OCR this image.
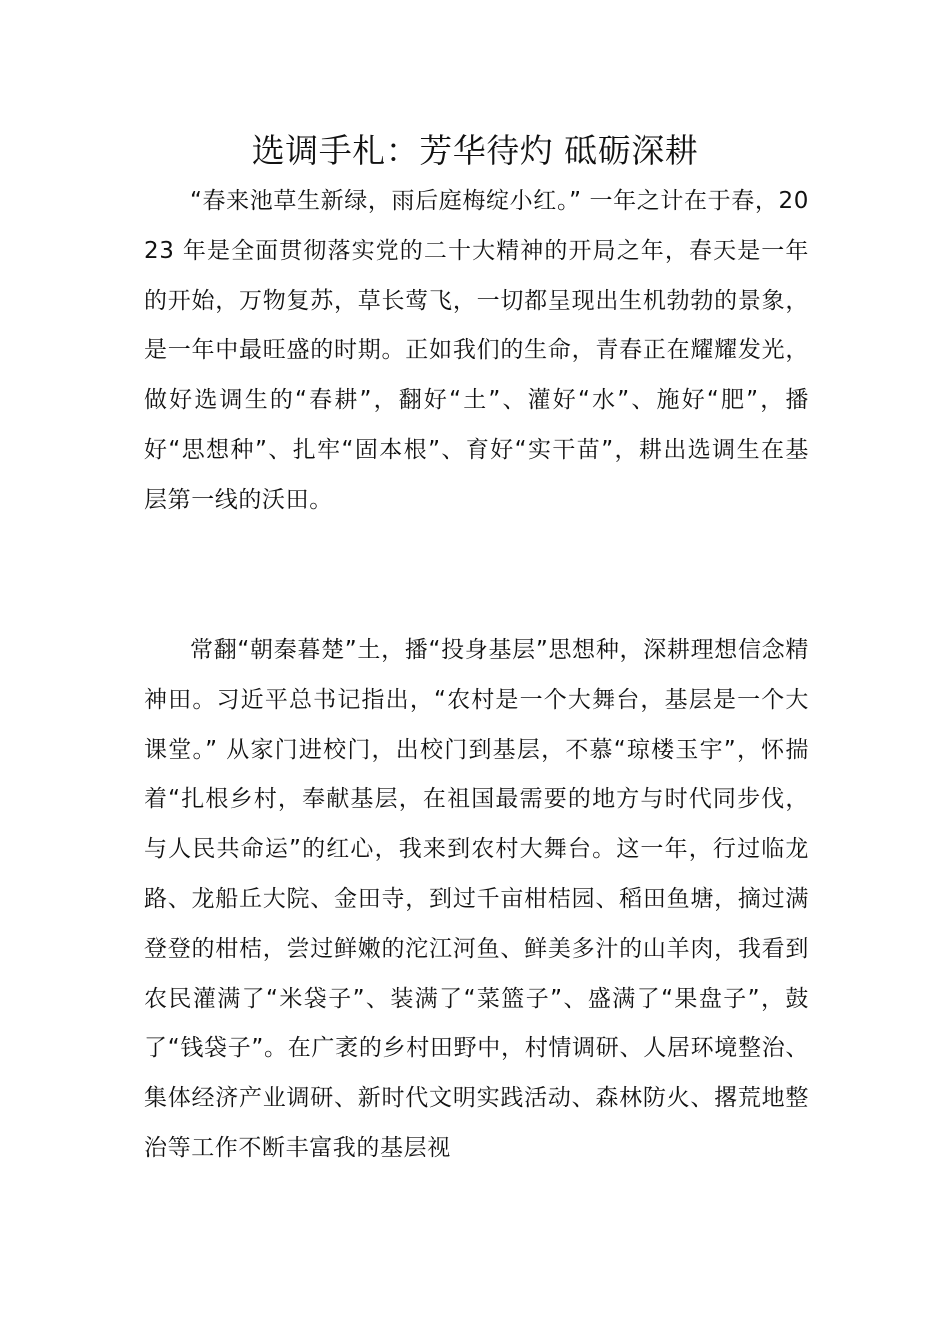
选调手札：芳华待灼 砥砺深耕

“春来池草生新绿，雨后庭梅绽小红。” 一年之计在于春，2023 年是全面贯彻落实党的二十大精神的开局之年，春天是一年的开始，万物复苏，草长莺飞，一切都呈现出生机勃勃的景象，是一年中最旺盛的时期。正如我们的生命，青春正在耀耀发光，做好选调生的“春耕”，翻好“土”、灌好“水”、施好“肥”，播好“思想种”、扎牢“固本根”、育好“实干苗”，耕出选调生在基层第一线的沃田。

常翻“朝秦暮楚”土，播“投身基层”思想种，深耕理想信念精神田。习近平总书记指出，“农村是一个大舞台，基层是一个大课堂。” 从家门进校门，出校门到基层，不慕“琼楼玉宇”，怀揣着“扎根乡村，奉献基层，在祖国最需要的地方与时代同步伐，与人民共命运”的红心，我来到农村大舞台。这一年，行过临龙路、龙船丘大院、金田寺，到过千亩柑桔园、稻田鱼塘，摘过满登登的柑桔，尝过鲜嫩的沱江河鱼、鲜美多汁的山羊肉，我看到农民灌满了“米袋子”、装满了“菜篮子”、盛满了“果盘子”，鼓了“钱袋子”。在广袤的乡村田野中，村情调研、人居环境整治、集体经济产业调研、新时代文明实践活动、森林防火、撂荒地整治等工作不断丰富我的基层视
